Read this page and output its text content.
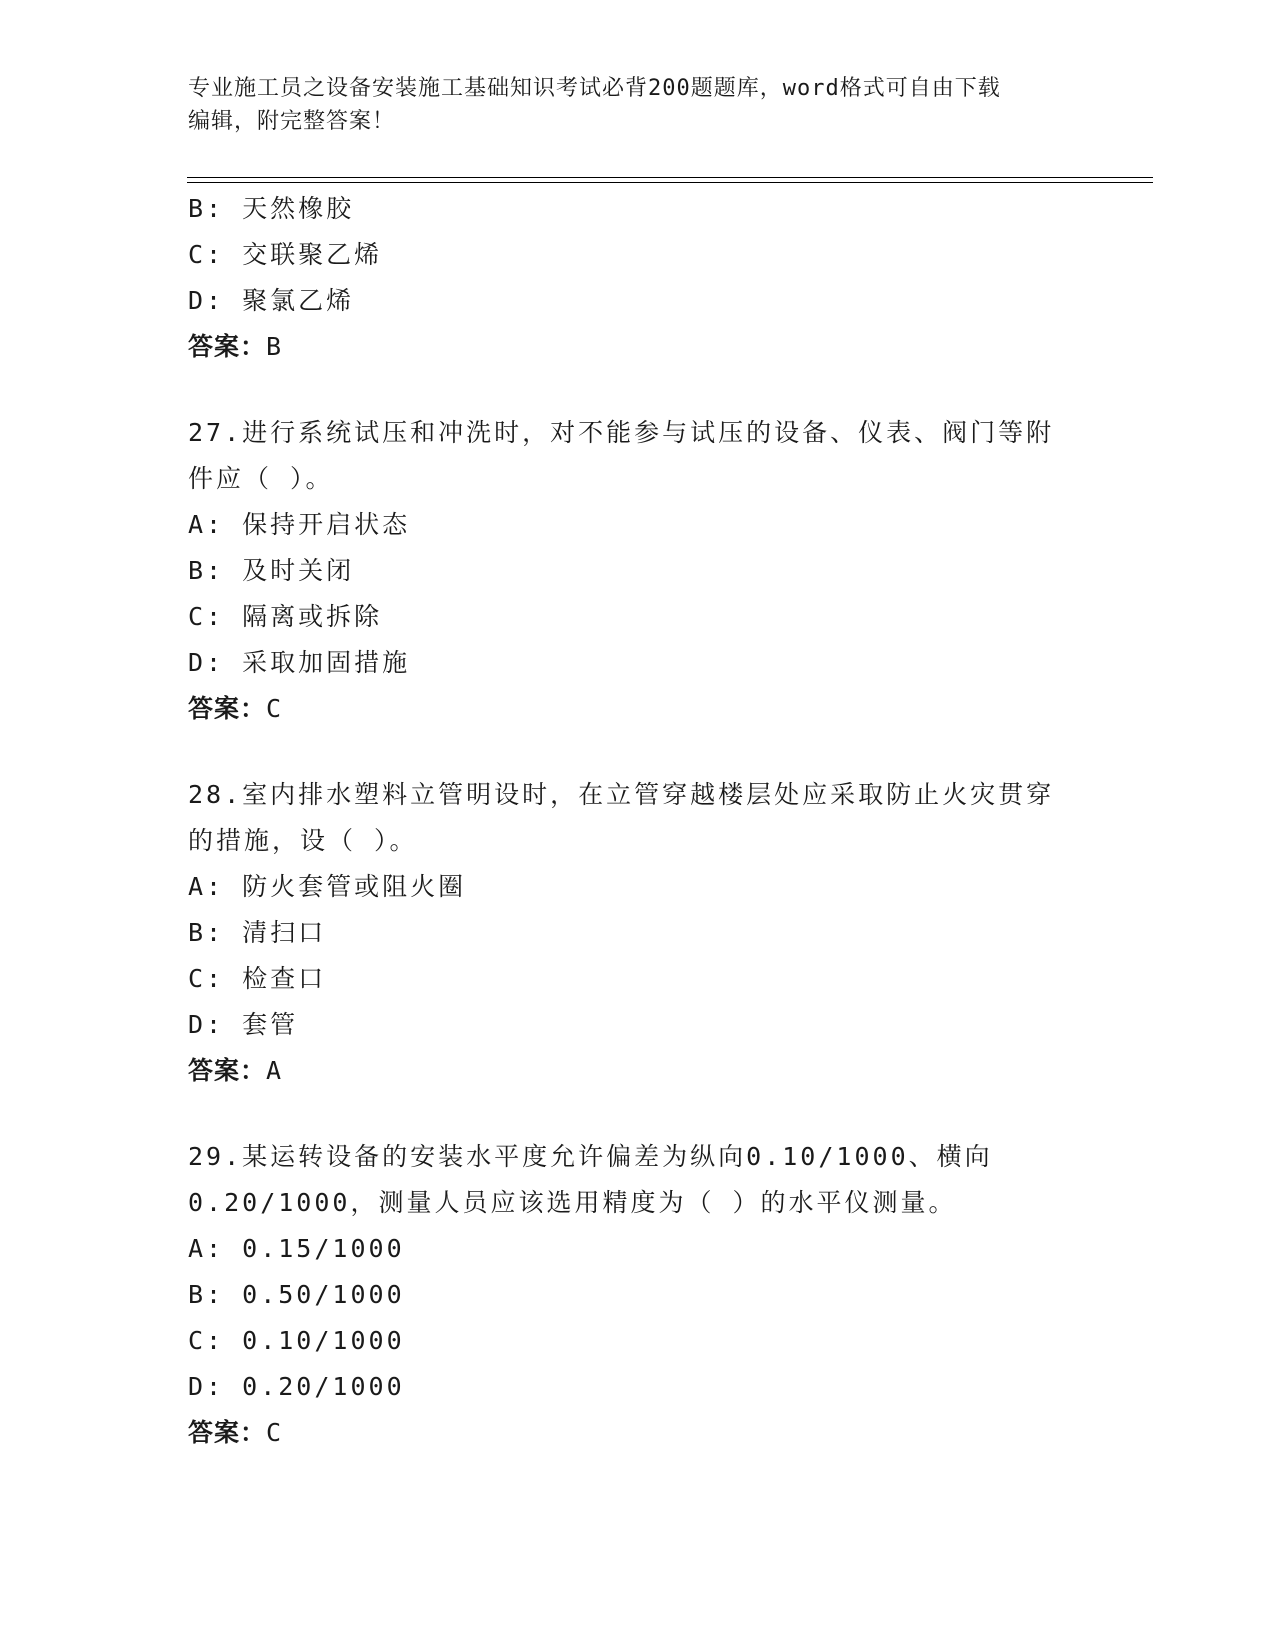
专业施工员之设备安装施工基础知识考试必背200题题库，word格式可自由下载
编辑，附完整答案！
B: 天然橡胶
C: 交联聚乙烯
D: 聚氯乙烯
答案：B
27.进行系统试压和冲洗时，对不能参与试压的设备、仪表、阀门等附
件应（ ）。
A: 保持开启状态
B: 及时关闭
C: 隔离或拆除
D: 采取加固措施
答案：C
28.室内排水塑料立管明设时，在立管穿越楼层处应采取防止火灾贯穿
的措施，设（ ）。
A: 防火套管或阻火圈
B: 清扫口
C: 检查口
D: 套管
答案：A
29.某运转设备的安装水平度允许偏差为纵向0.10/1000、横向
0.20/1000，测量人员应该选用精度为（ ）的水平仪测量。
A: 0.15/1000
B: 0.50/1000
C: 0.10/1000
D: 0.20/1000
答案：C
